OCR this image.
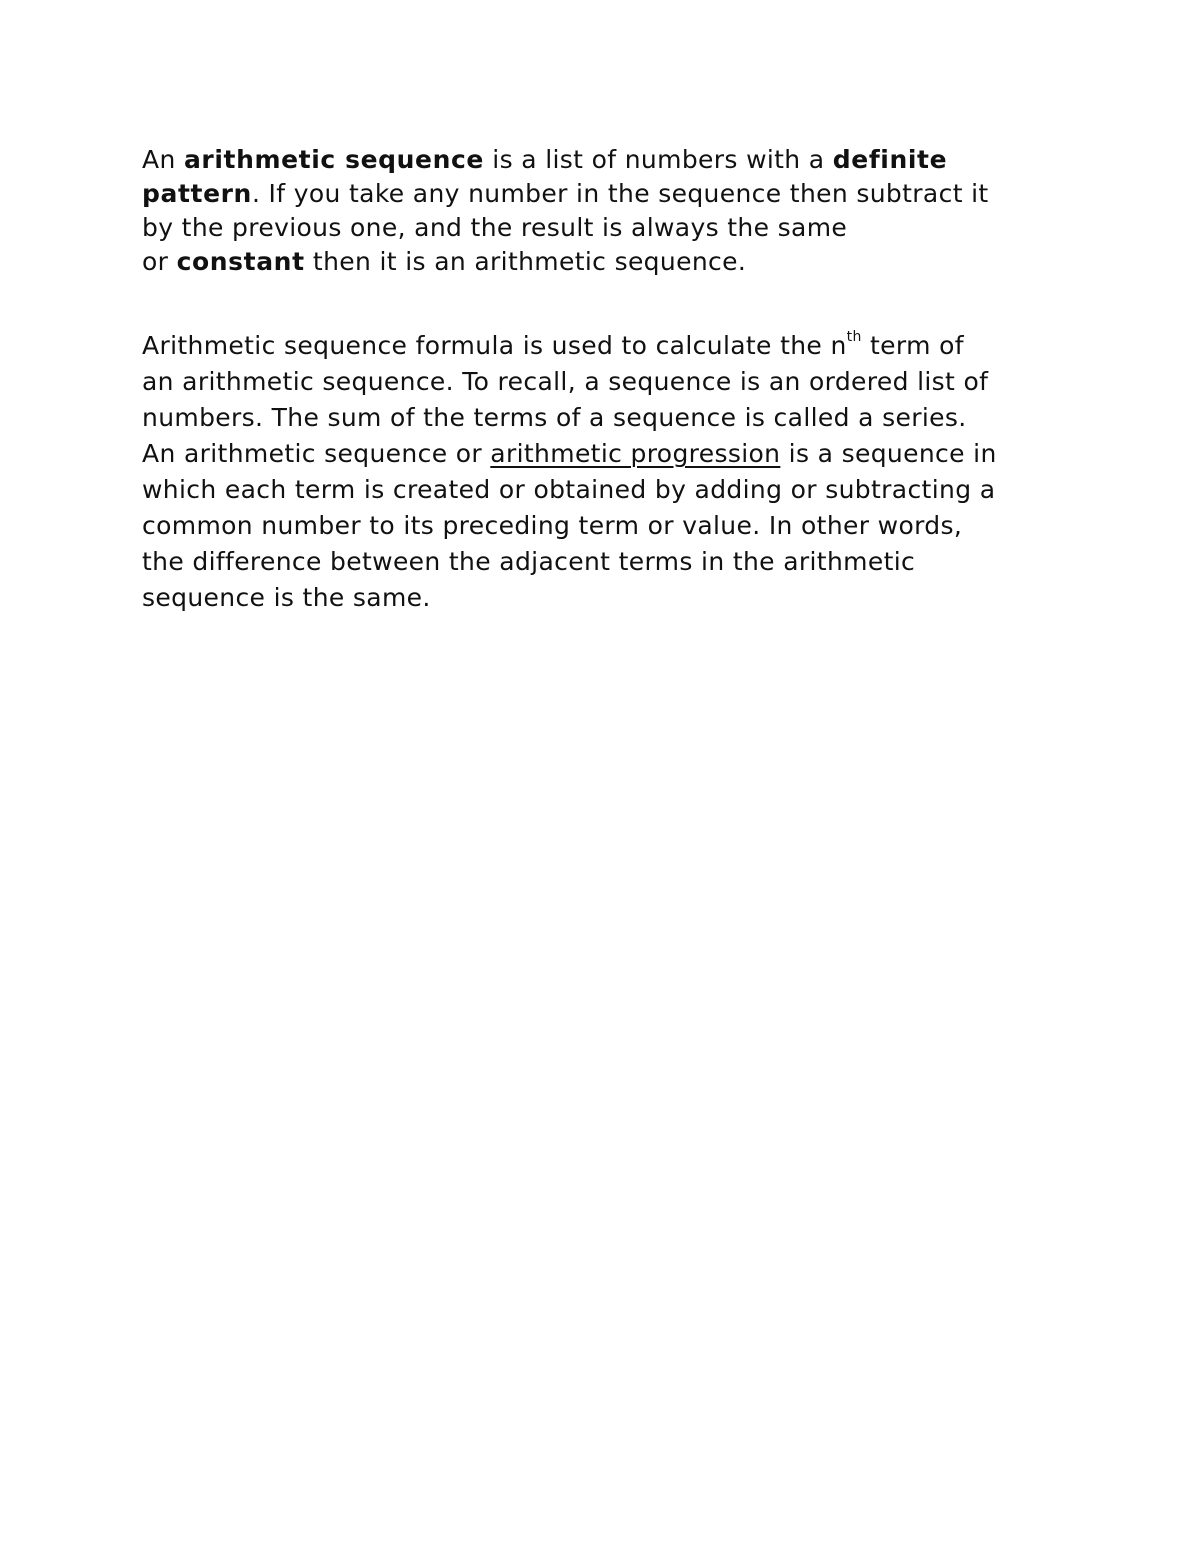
An arithmetic sequence is a list of numbers with a definite
pattern. If you take any number in the sequence then subtract it
by the previous one, and the result is always the same
or constant then it is an arithmetic sequence.
Arithmetic sequence formula is used to calculate the $n^{th}$ term of
an arithmetic sequence. To recall, a sequence is an ordered list of
numbers. The sum of the terms of a sequence is called a series.
An arithmetic sequence or arithmetic progression is a sequence in
which each term is created or obtained by adding or subtracting a
common number to its preceding term or value. In other words,
the difference between the adjacent terms in the arithmetic
sequence is the same.
